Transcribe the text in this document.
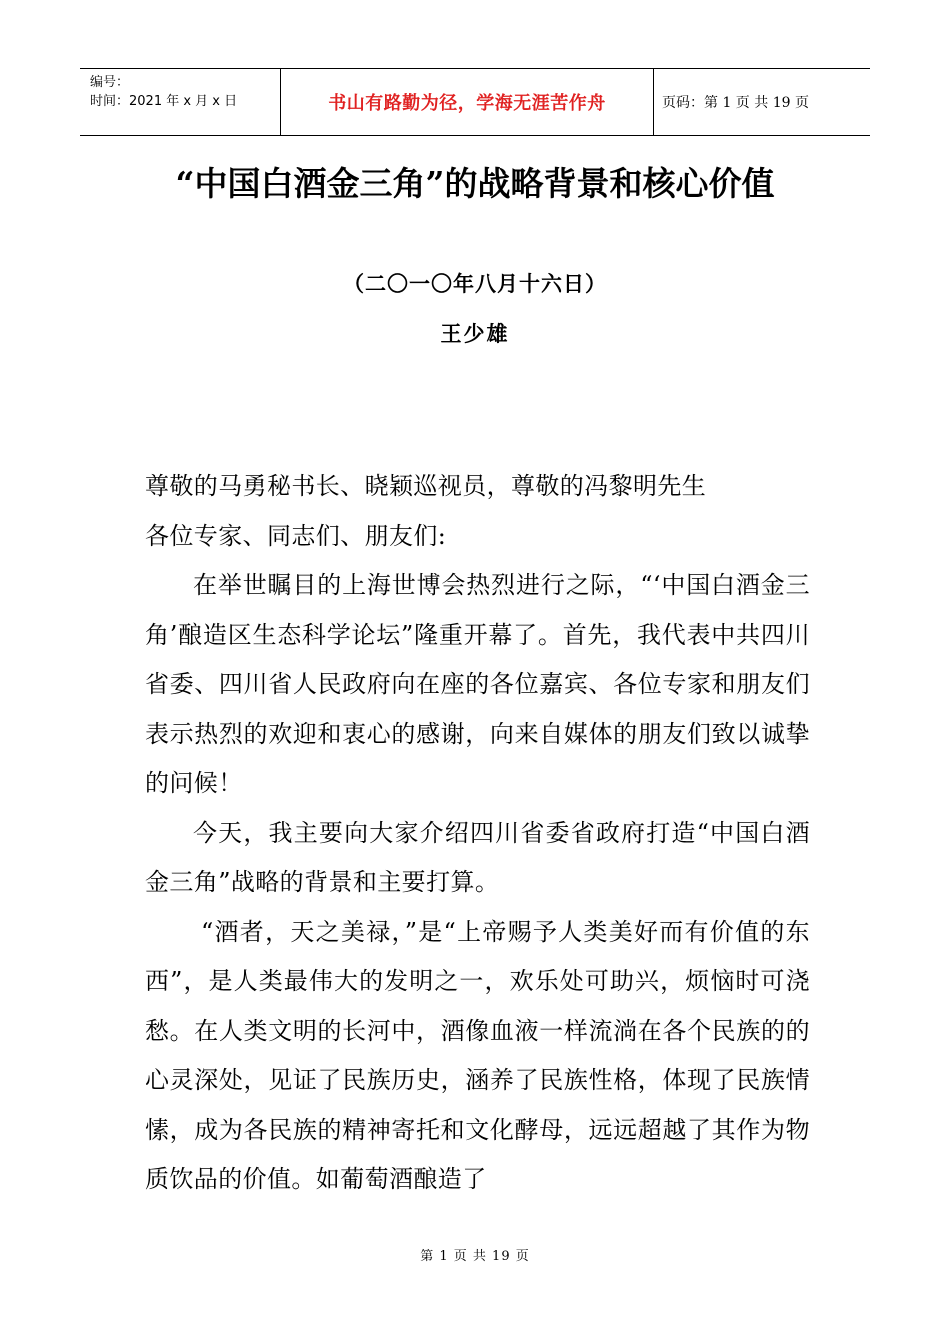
编号：
时间：2021 年 x 月 x 日	书山有路勤为径，学海无涯苦作舟	页码：第 1 页 共 19 页
“中国白酒金三角”的战略背景和核心价值
（二〇一〇年八月十六日）
王少雄

尊敬的马勇秘书长、晓颖巡视员，尊敬的冯黎明先生

各位专家、同志们、朋友们:

在举世瞩目的上海世博会热烈进行之际，“‘中国白酒金三角’酿造区生态科学论坛”隆重开幕了。首先，我代表中共四川省委、四川省人民政府向在座的各位嘉宾、各位专家和朋友们表示热烈的欢迎和衷心的感谢，向来自媒体的朋友们致以诚挚的问候！

今天，我主要向大家介绍四川省委省政府打造“中国白酒金三角”战略的背景和主要打算。

“酒者，天之美禄，”是“上帝赐予人类美好而有价值的东西”，是人类最伟大的发明之一，欢乐处可助兴，烦恼时可浇愁。在人类文明的长河中，酒像血液一样流淌在各个民族的的心灵深处，见证了民族历史，涵养了民族性格，体现了民族情愫，成为各民族的精神寄托和文化酵母，远远超越了其作为物质饮品的价值。如葡萄酒酿造了

第 1 页 共 19 页
